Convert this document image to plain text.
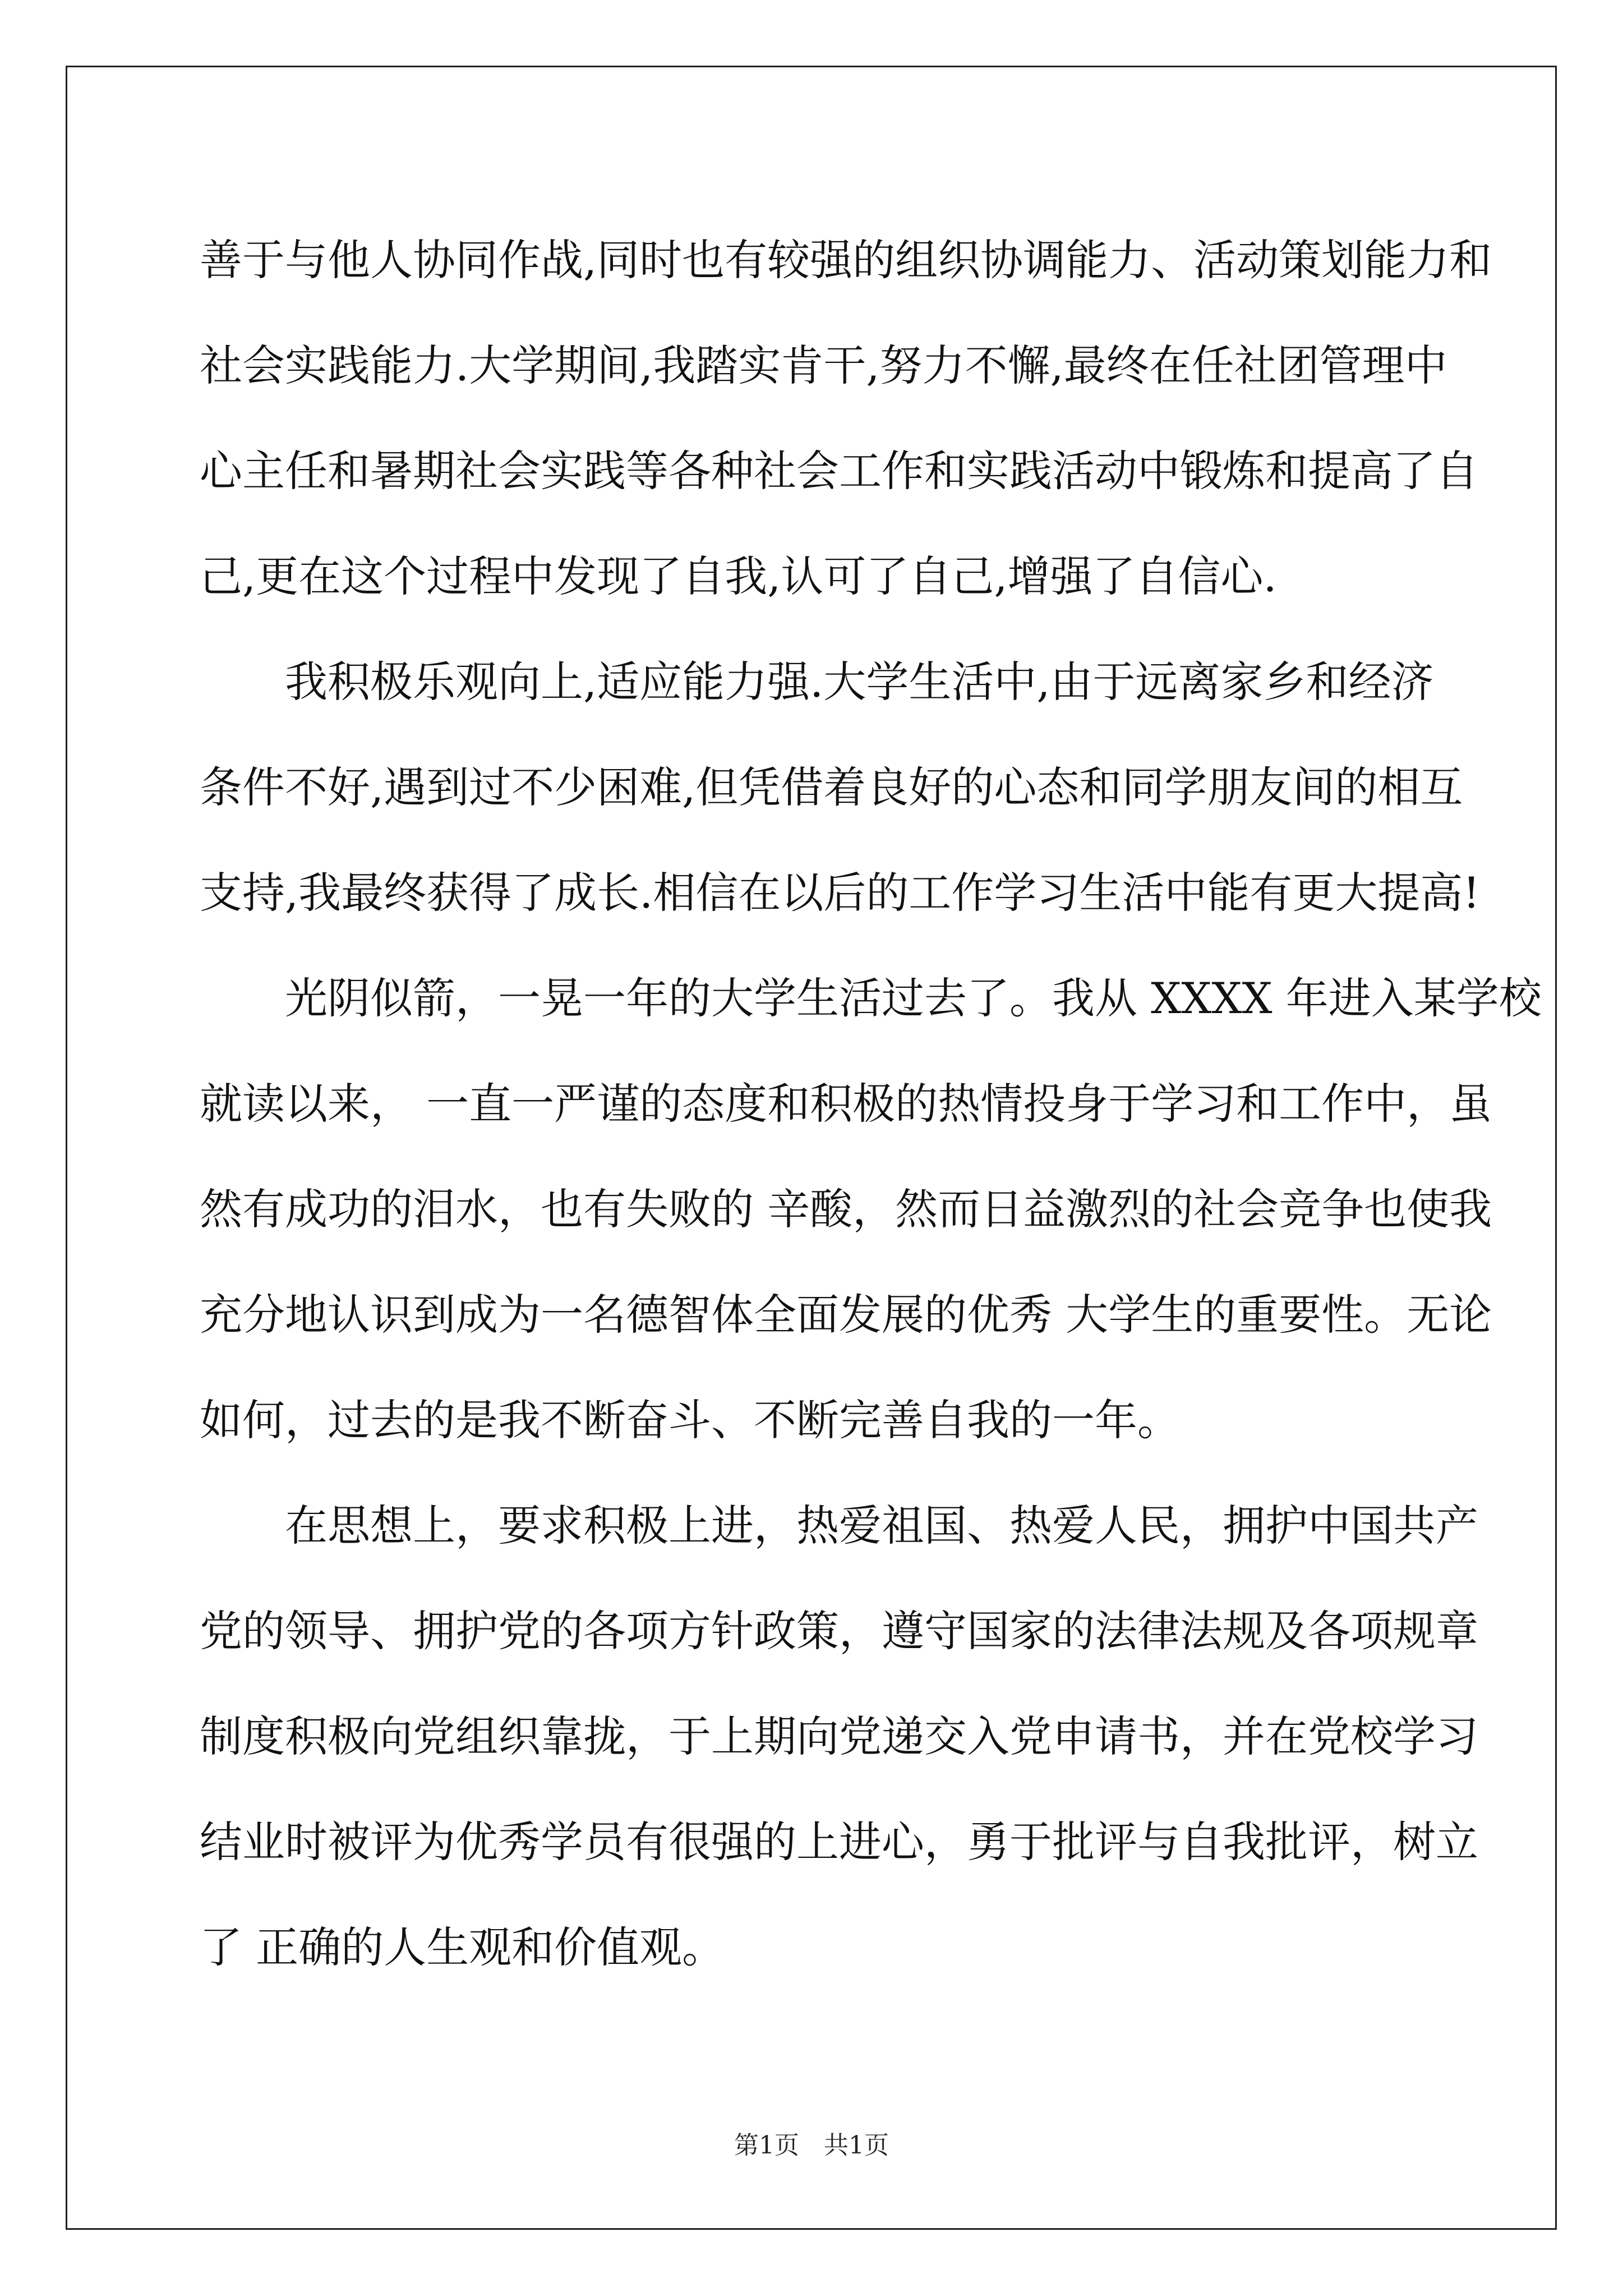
善于与他人协同作战,同时也有较强的组织协调能力、活动策划能力和
社会实践能力.大学期间,我踏实肯干,努力不懈,最终在任社团管理中
心主任和暑期社会实践等各种社会工作和实践活动中锻炼和提高了自
己,更在这个过程中发现了自我,认可了自己,增强了自信心.
　　我积极乐观向上,适应能力强.大学生活中,由于远离家乡和经济
条件不好,遇到过不少困难,但凭借着良好的心态和同学朋友间的相互
支持,我最终获得了成长.相信在以后的工作学习生活中能有更大提高!
　　光阴似箭，一晃一年的大学生活过去了。我从 XXXX 年进入某学校
就读以来， 一直一严谨的态度和积极的热情投身于学习和工作中，虽
然有成功的泪水，也有失败的 辛酸，然而日益激烈的社会竞争也使我
充分地认识到成为一名德智体全面发展的优秀 大学生的重要性。无论
如何，过去的是我不断奋斗、不断完善自我的一年。
　　在思想上，要求积极上进，热爱祖国、热爱人民，拥护中国共产
党的领导、拥护党的各项方针政策，遵守国家的法律法规及各项规章
制度积极向党组织靠拢，于上期向党递交入党申请书，并在党校学习
结业时被评为优秀学员有很强的上进心，勇于批评与自我批评，树立
了 正确的人生观和价值观。
第1页　共1页
